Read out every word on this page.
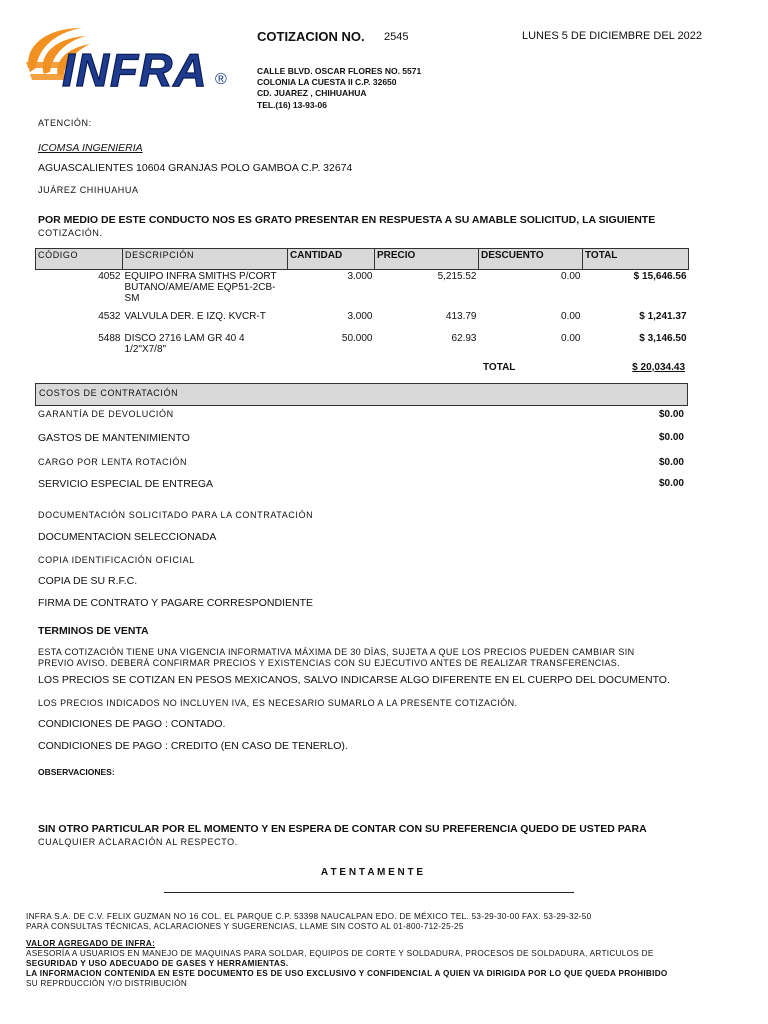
INFRA ®
COTIZACION NO. 2545	LUNES 5 DE DICIEMBRE DEL 2022
CALLE BLVD. OSCAR FLORES NO. 5571
COLONIA LA CUESTA II C.P. 32650
CD. JUAREZ , CHIHUAHUA
TEL.(16) 13-93-06
ATENCIÓN:
ICOMSA INGENIERIA
AGUASCALIENTES 10604 GRANJAS POLO GAMBOA C.P. 32674
JUÁREZ CHIHUAHUA
POR MEDIO DE ESTE CONDUCTO NOS ES GRATO PRESENTAR EN RESPUESTA A SU AMABLE SOLICITUD, LA SIGUIENTE
COTIZACIÓN.
CÓDIGO	DESCRIPCIÓN	CANTIDAD	PRECIO	DESCUENTO	TOTAL
4052	EQUIPO INFRA SMITHS P/CORT BUTANO/AME/AME EQP51-2CB-SM	3.000	5,215.52	0.00	$ 15,646.56
4532	VALVULA DER. E IZQ. KVCR-T	3.000	413.79	0.00	$ 1,241.37
5488	DISCO 2716 LAM GR 40 4 1/2"X7/8"	50.000	62.93	0.00	$ 3,146.50
TOTAL	$ 20,034.43
COSTOS DE CONTRATACIÓN
GARANTÍA DE DEVOLUCIÓN	$0.00
GASTOS DE MANTENIMIENTO	$0.00
CARGO POR LENTA ROTACIÓN	$0.00
SERVICIO ESPECIAL DE ENTREGA	$0.00
DOCUMENTACIÓN SOLICITADO PARA LA CONTRATACIÓN
DOCUMENTACION SELECCIONADA
COPIA IDENTIFICACIÓN OFICIAL
COPIA DE SU R.F.C.
FIRMA DE CONTRATO Y PAGARE CORRESPONDIENTE
TERMINOS DE VENTA
ESTA COTIZACIÓN TIENE UNA VIGENCIA INFORMATIVA MÁXIMA DE 30 DÌAS, SUJETA A QUE LOS PRECIOS PUEDEN CAMBIAR SIN
PREVIO AVISO. DEBERÁ CONFIRMAR PRECIOS Y EXISTENCIAS CON SU EJECUTIVO ANTES DE REALIZAR TRANSFERENCIAS.
LOS PRECIOS SE COTIZAN EN PESOS MEXICANOS, SALVO INDICARSE ALGO DIFERENTE EN EL CUERPO DEL DOCUMENTO.
LOS PRECIOS INDICADOS NO INCLUYEN IVA, ES NECESARIO SUMARLO A LA PRESENTE COTIZACIÓN.
CONDICIONES DE PAGO : CONTADO.
CONDICIONES DE PAGO : CREDITO (EN CASO DE TENERLO).
OBSERVACIONES:
SIN OTRO PARTICULAR POR EL MOMENTO Y EN ESPERA DE CONTAR CON SU PREFERENCIA QUEDO DE USTED PARA
CUALQUIER ACLARACIÓN AL RESPECTO.
A T E N T A M E N T E
INFRA S.A. DE C.V. FELIX GUZMAN NO 16 COL. EL PARQUE C.P. 53398 NAUCALPAN EDO. DE MÉXICO TEL. 53-29-30-00 FAX. 53-29-32-50
PARA CONSULTAS TÉCNICAS, ACLARACIONES Y SUGERENCIAS, LLAME SIN COSTO AL 01-800-712-25-25
VALOR AGREGADO DE INFRA:
ASESORÍA A USUARIOS EN MANEJO DE MAQUINAS PARA SOLDAR, EQUIPOS DE CORTE Y SOLDADURA, PROCESOS DE SOLDADURA, ARTICULOS DE
SEGURIDAD Y USO ADECUADO DE GASES Y HERRAMIENTAS.
LA INFORMACION CONTENIDA EN ESTE DOCUMENTO ES DE USO EXCLUSIVO Y CONFIDENCIAL A QUIEN VA DIRIGIDA POR LO QUE QUEDA PROHIBIDO
SU REPRDUCCIÓN Y/O DISTRIBUCIÓN
